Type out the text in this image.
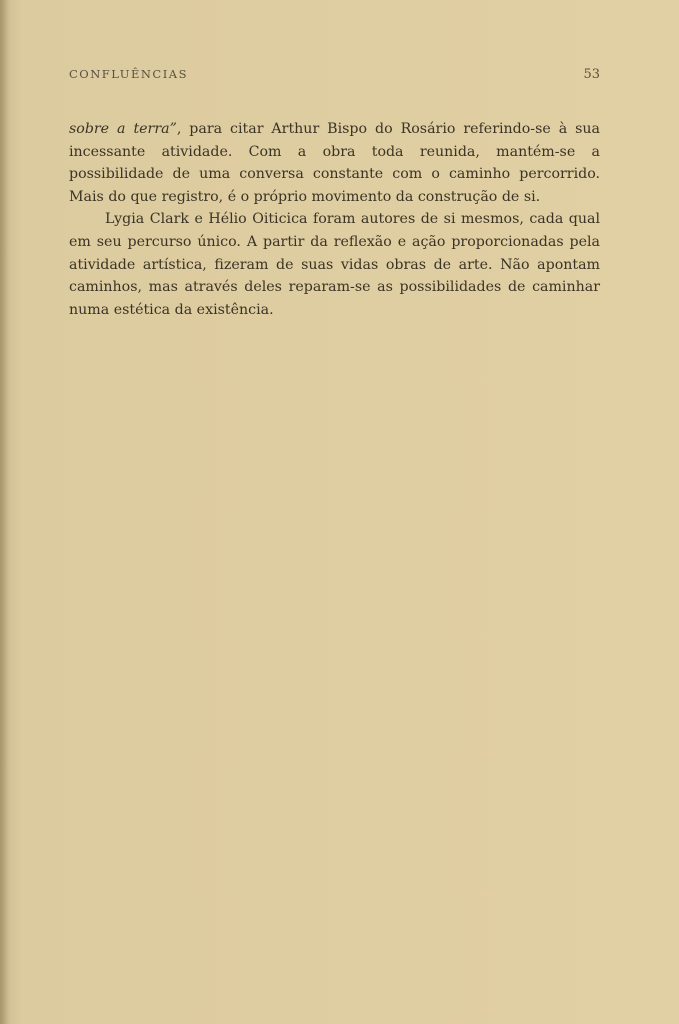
CONFLUÊNCIAS	53

sobre a terra”, para citar Arthur Bispo do Rosário referindo-se à sua incessante atividade. Com a obra toda reunida, mantém-se a possibilidade de uma conversa constante com o caminho percorrido. Mais do que registro, é o próprio movimento da construção de si.

Lygia Clark e Hélio Oiticica foram autores de si mesmos, cada qual em seu percurso único. A partir da reflexão e ação proporcionadas pela atividade artística, fizeram de suas vidas obras de arte. Não apontam caminhos, mas através deles reparam-se as possibilidades de caminhar numa estética da existência.
